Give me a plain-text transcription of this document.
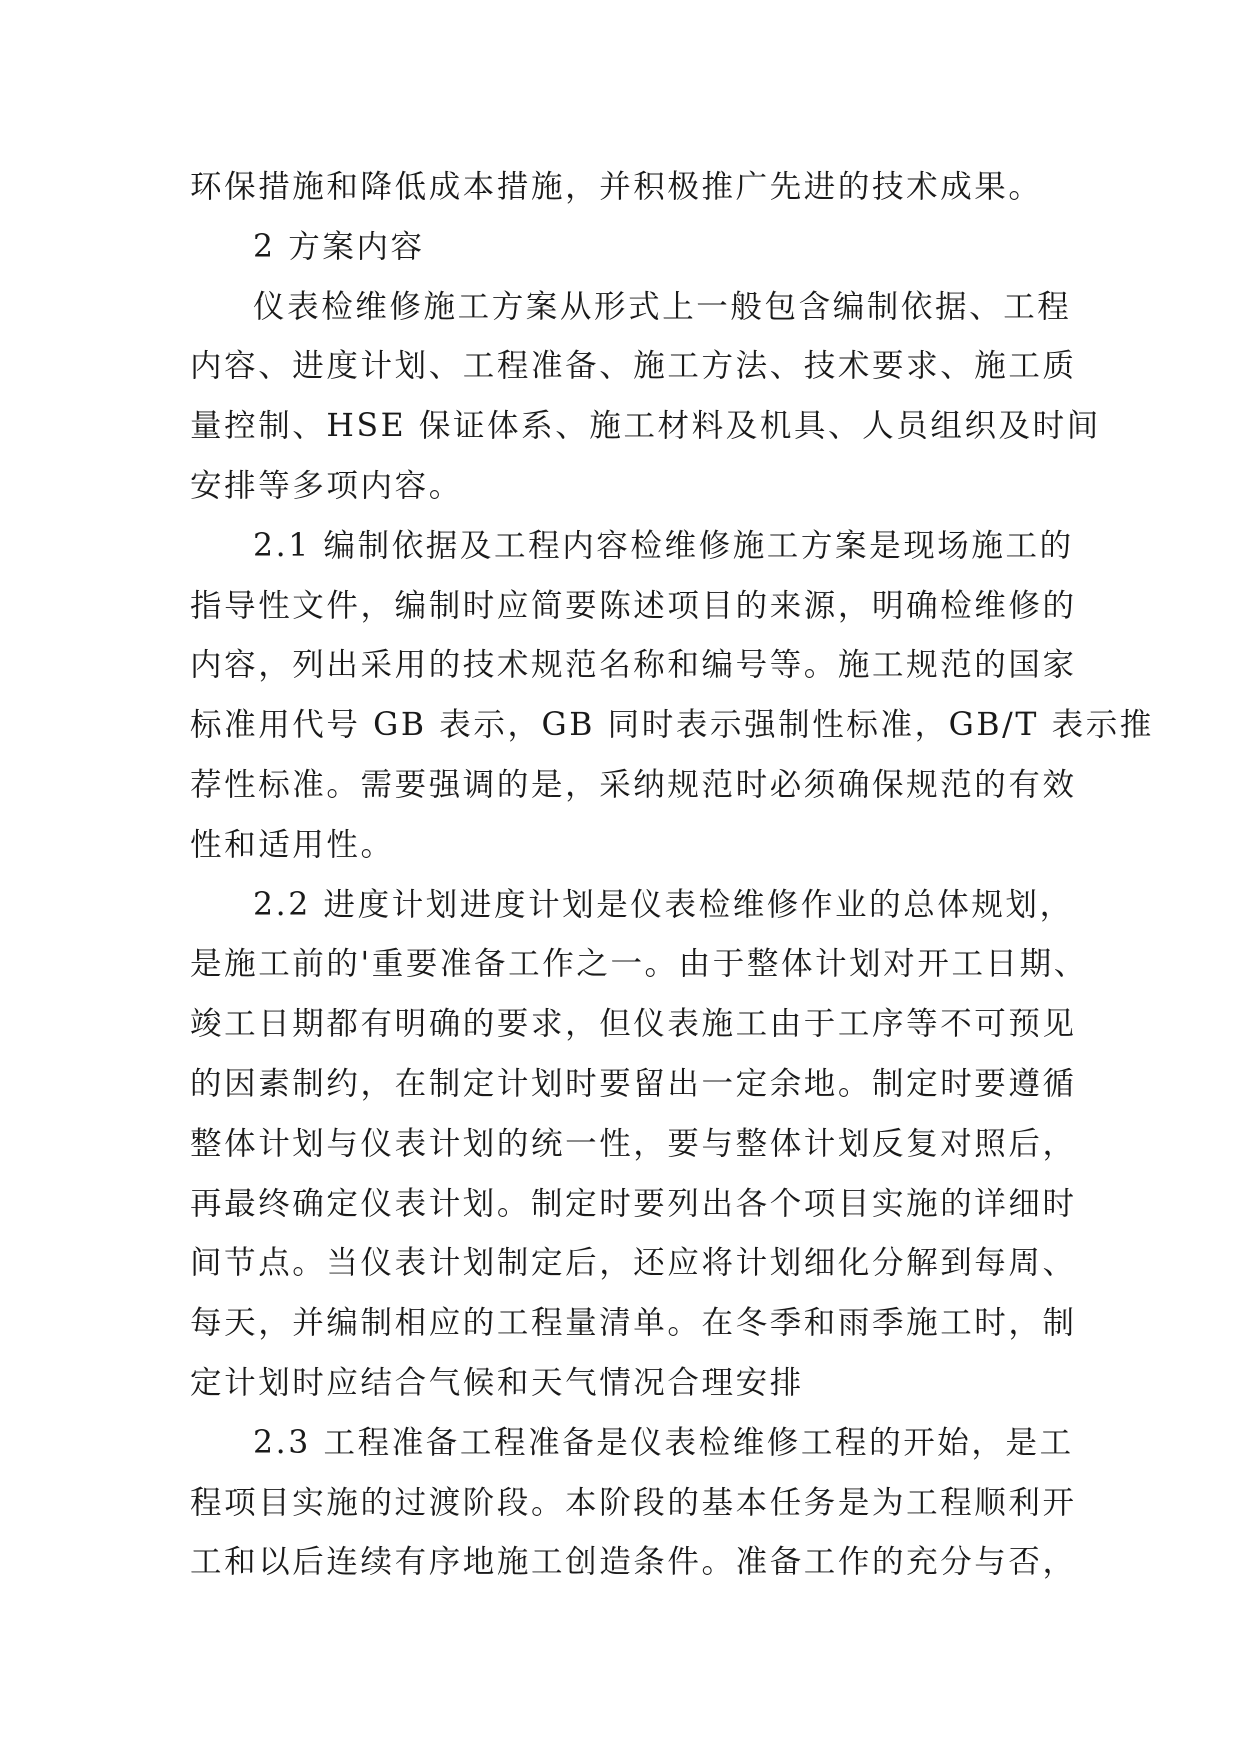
环保措施和降低成本措施，并积极推广先进的技术成果。
2 方案内容
仪表检维修施工方案从形式上一般包含编制依据、工程
内容、进度计划、工程准备、施工方法、技术要求、施工质
量控制、HSE 保证体系、施工材料及机具、人员组织及时间
安排等多项内容。
2.1 编制依据及工程内容检维修施工方案是现场施工的
指导性文件，编制时应简要陈述项目的来源，明确检维修的
内容，列出采用的技术规范名称和编号等。施工规范的国家
标准用代号 GB 表示，GB 同时表示强制性标准，GB/T 表示推
荐性标准。需要强调的是，采纳规范时必须确保规范的有效
性和适用性。
2.2 进度计划进度计划是仪表检维修作业的总体规划，
是施工前的'重要准备工作之一。由于整体计划对开工日期、
竣工日期都有明确的要求，但仪表施工由于工序等不可预见
的因素制约，在制定计划时要留出一定余地。制定时要遵循
整体计划与仪表计划的统一性，要与整体计划反复对照后，
再最终确定仪表计划。制定时要列出各个项目实施的详细时
间节点。当仪表计划制定后，还应将计划细化分解到每周、
每天，并编制相应的工程量清单。在冬季和雨季施工时，制
定计划时应结合气候和天气情况合理安排
2.3 工程准备工程准备是仪表检维修工程的开始，是工
程项目实施的过渡阶段。本阶段的基本任务是为工程顺利开
工和以后连续有序地施工创造条件。准备工作的充分与否，
